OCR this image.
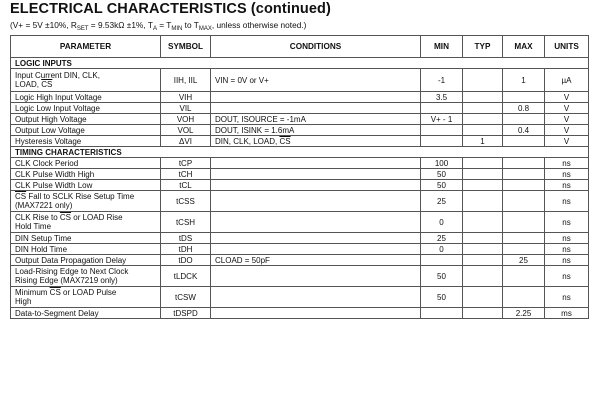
ELECTRICAL CHARACTERISTICS (continued)
(V+ = 5V ±10%, RSET = 9.53kΩ ±1%, TA = TMIN to TMAX, unless otherwise noted.)
PARAMETER	SYMBOL	CONDITIONS	MIN	TYP	MAX	UNITS
LOGIC INPUTS						
Input Current DIN, CLK,
LOAD, $\overline{CS}$	IIH, IIL	VIN = 0V or V+	-1		1	µA
Logic High Input Voltage	VIH		3.5			V
Logic Low Input Voltage	VIL				0.8	V
Output High Voltage	VOH	DOUT, ISOURCE = -1mA	V+ - 1			V
Output Low Voltage	VOL	DOUT, ISINK = 1.6mA			0.4	V
Hysteresis Voltage	ΔVI	DIN, CLK, LOAD, $\overline{CS}$		1		V
TIMING CHARACTERISTICS						
CLK Clock Period	tCP		100			ns
CLK Pulse Width High	tCH		50			ns
CLK Pulse Width Low	tCL		50			ns
$\overline{CS}$ Fall to SCLK Rise Setup Time
(MAX7221 only)	tCSS		25			ns
CLK Rise to $\overline{CS}$ or LOAD Rise
Hold Time	tCSH		0			ns
DIN Setup Time	tDS		25			ns
DIN Hold Time	tDH		0			ns
Output Data Propagation Delay	tDO	CLOAD = 50pF			25	ns
Load-Rising Edge to Next Clock
Rising Edge (MAX7219 only)	tLDCK		50			ns
Minimum $\overline{CS}$ or LOAD Pulse
High	tCSW		50			ns
Data-to-Segment Delay	tDSPD				2.25	ms
